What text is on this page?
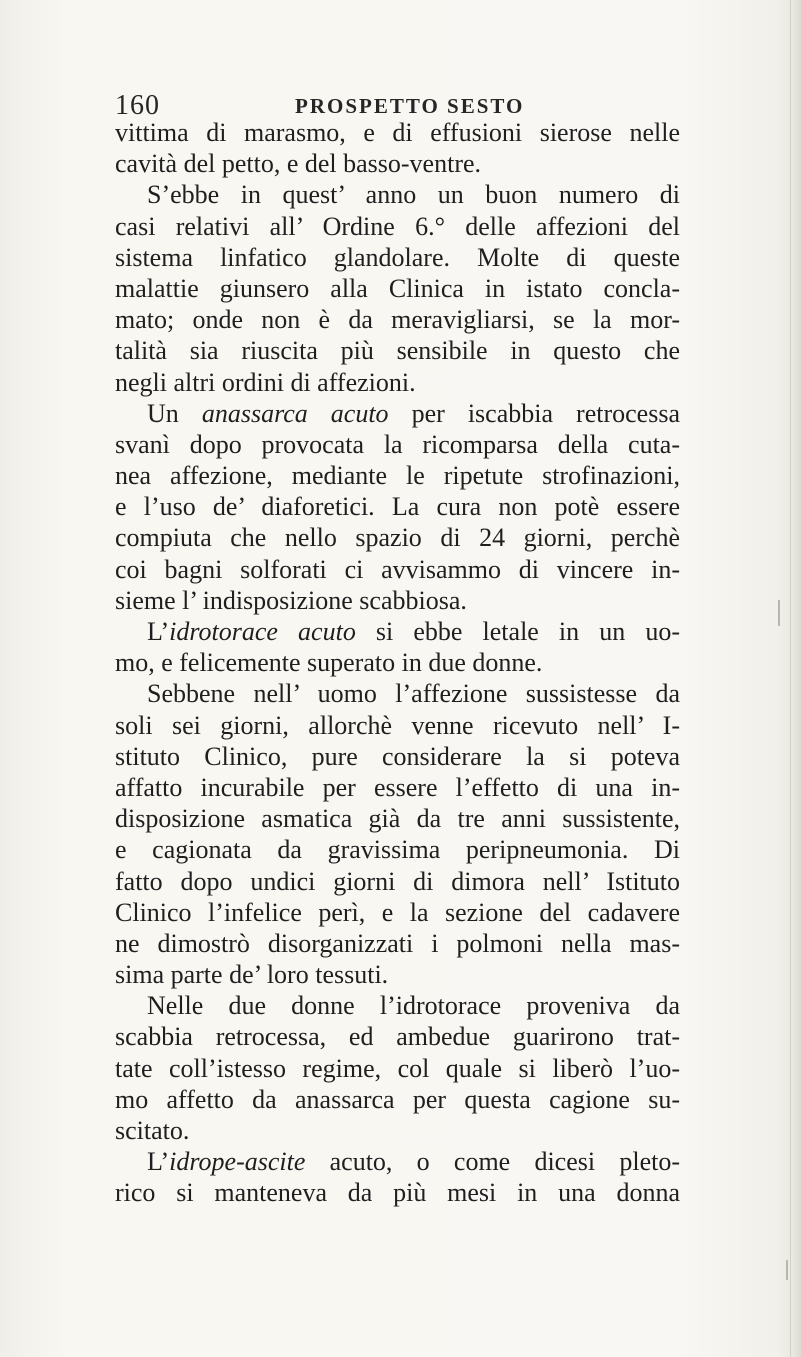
160	PROSPETTO SESTO
vittima di marasmo, e di effusioni sierose nelle
cavità del petto, e del basso-ventre.
S’ebbe in quest’ anno un buon numero di
casi relativi all’ Ordine 6.° delle affezioni del
sistema linfatico glandolare. Molte di queste
malattie giunsero alla Clinica in istato concla-
mato; onde non è da meravigliarsi, se la mor-
talità sia riuscita più sensibile in questo che
negli altri ordini di affezioni.
Un anassarca acuto per iscabbia retrocessa
svanì dopo provocata la ricomparsa della cuta-
nea affezione, mediante le ripetute strofinazioni,
e l’uso de’ diaforetici. La cura non potè essere
compiuta che nello spazio di 24 giorni, perchè
coi bagni solforati ci avvisammo di vincere in-
sieme l’ indisposizione scabbiosa.
L’idrotorace acuto si ebbe letale in un uo-
mo, e felicemente superato in due donne.
Sebbene nell’ uomo l’affezione sussistesse da
soli sei giorni, allorchè venne ricevuto nell’ I-
stituto Clinico, pure considerare la si poteva
affatto incurabile per essere l’effetto di una in-
disposizione asmatica già da tre anni sussistente,
e cagionata da gravissima peripneumonia. Di
fatto dopo undici giorni di dimora nell’ Istituto
Clinico l’infelice perì, e la sezione del cadavere
ne dimostrò disorganizzati i polmoni nella mas-
sima parte de’ loro tessuti.
Nelle due donne l’idrotorace proveniva da
scabbia retrocessa, ed ambedue guarirono trat-
tate coll’istesso regime, col quale si liberò l’uo-
mo affetto da anassarca per questa cagione su-
scitato.
L’idrope-ascite acuto, o come dicesi pleto-
rico si manteneva da più mesi in una donna
